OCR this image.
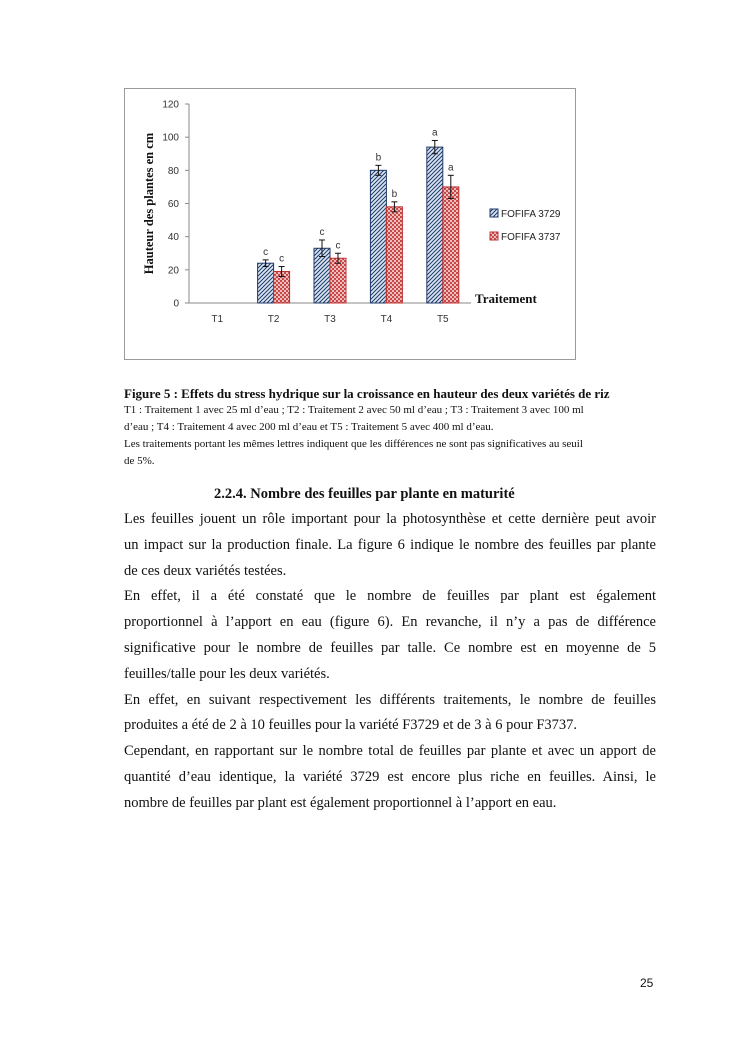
0
20
40
60
80
100
120
T1	T2
c
c
T3
c
c
T4
b
b
T5
a
a
Hauteur des plantes en cm
Traitement
FOFIFA 3729
FOFIFA 3737

Figure 5 : Effets du stress hydrique sur la croissance en hauteur des deux variétés de riz

T1 : Traitement 1 avec 25 ml d’eau ; T2 : Traitement 2 avec 50 ml d’eau ; T3 : Traitement 3 avec 100 ml

d’eau ; T4 : Traitement 4 avec 200 ml d’eau et T5 : Traitement 5 avec 400 ml d’eau.

Les traitements portant les mêmes lettres indiquent que les différences ne sont pas significatives au seuil

de 5%.

2.2.4. Nombre des feuilles par plante en maturité

Les feuilles jouent un rôle important pour la photosynthèse et cette dernière peut avoir

un impact sur la production finale. La figure 6 indique le nombre des feuilles par plante

de ces deux variétés testées.

En effet, il a été constaté que le nombre de feuilles par plant est également

proportionnel à l’apport en eau (figure 6). En revanche, il n’y a pas de différence

significative pour le nombre de feuilles par talle. Ce nombre est en moyenne de 5

feuilles/talle pour les deux variétés.

En effet, en suivant respectivement les différents traitements, le nombre de feuilles

produites a été de 2 à 10 feuilles pour la variété F3729 et de 3 à 6 pour F3737.

Cependant, en rapportant sur le nombre total de feuilles par plante et avec un apport de

quantité d’eau identique, la variété 3729 est encore plus riche en feuilles. Ainsi, le

nombre de feuilles par plant est également proportionnel à l’apport en eau.

25
